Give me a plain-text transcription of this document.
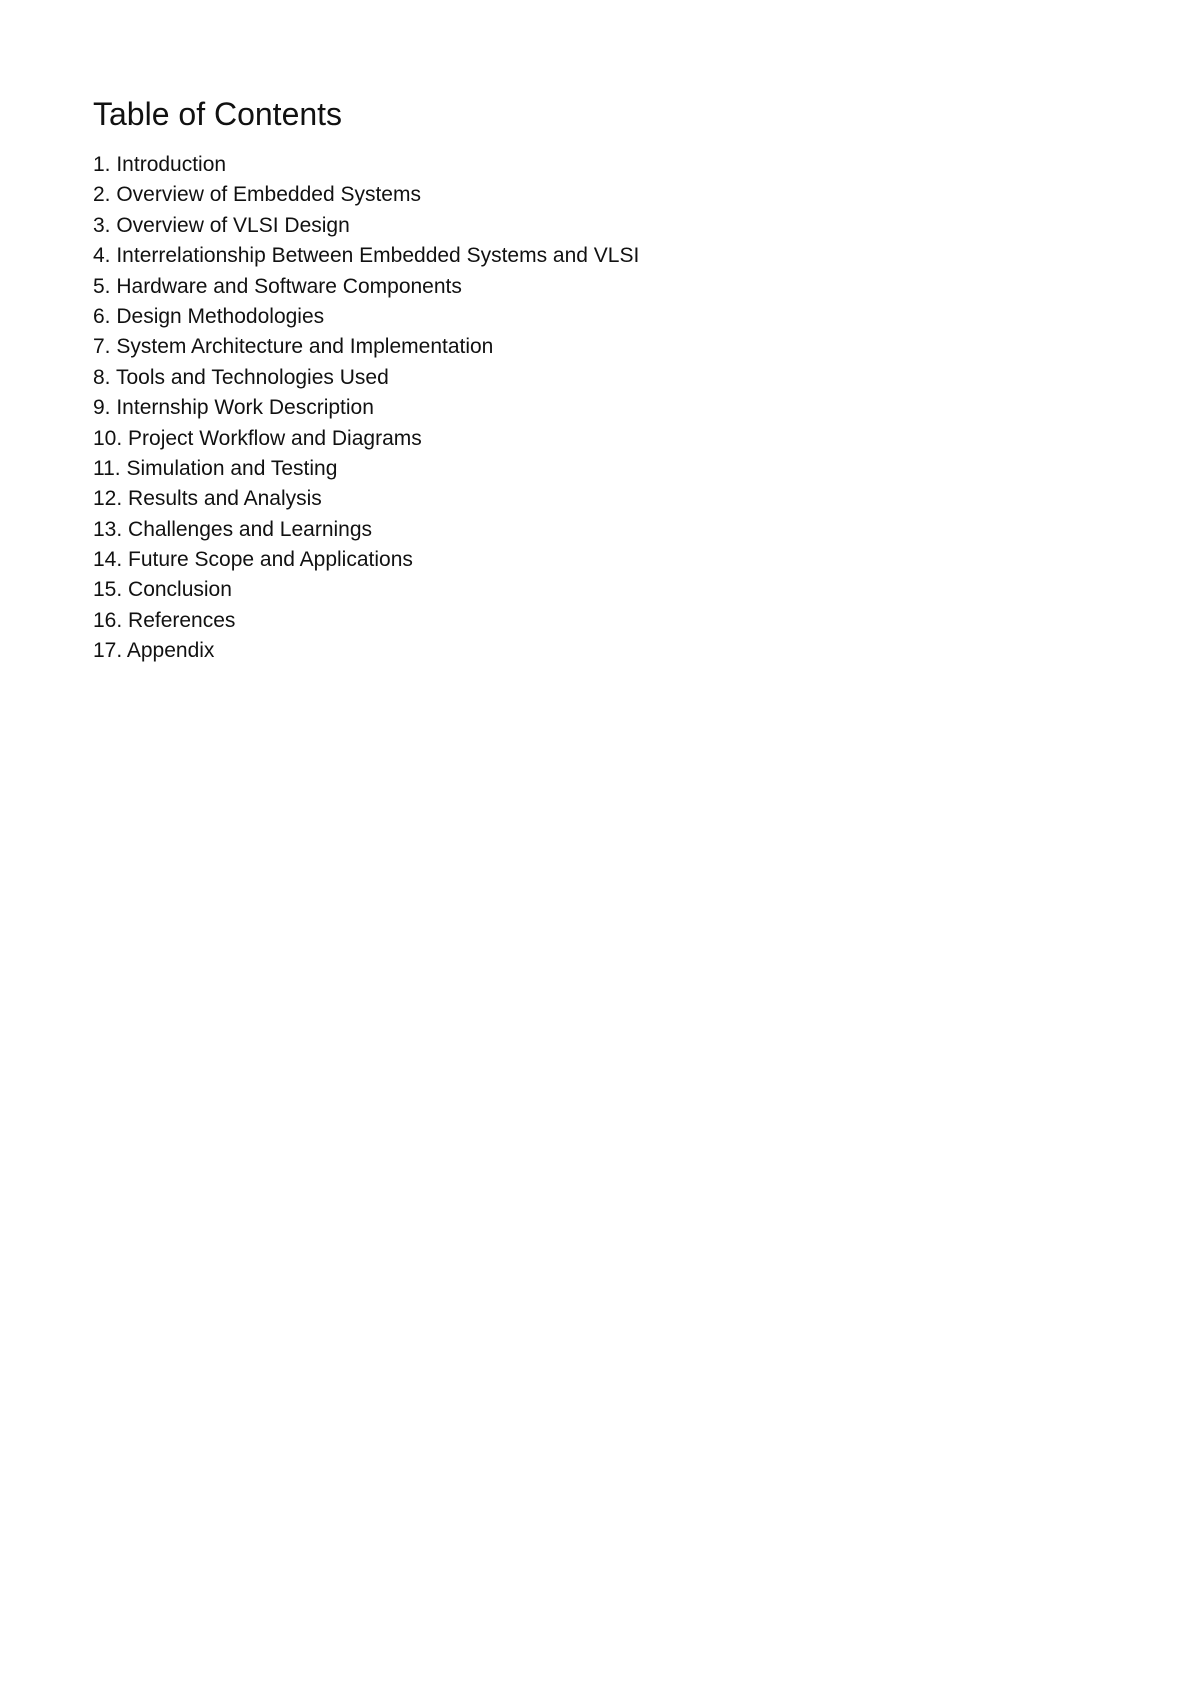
Table of Contents
1. Introduction
2. Overview of Embedded Systems
3. Overview of VLSI Design
4. Interrelationship Between Embedded Systems and VLSI
5. Hardware and Software Components
6. Design Methodologies
7. System Architecture and Implementation
8. Tools and Technologies Used
9. Internship Work Description
10. Project Workflow and Diagrams
11. Simulation and Testing
12. Results and Analysis
13. Challenges and Learnings
14. Future Scope and Applications
15. Conclusion
16. References
17. Appendix
